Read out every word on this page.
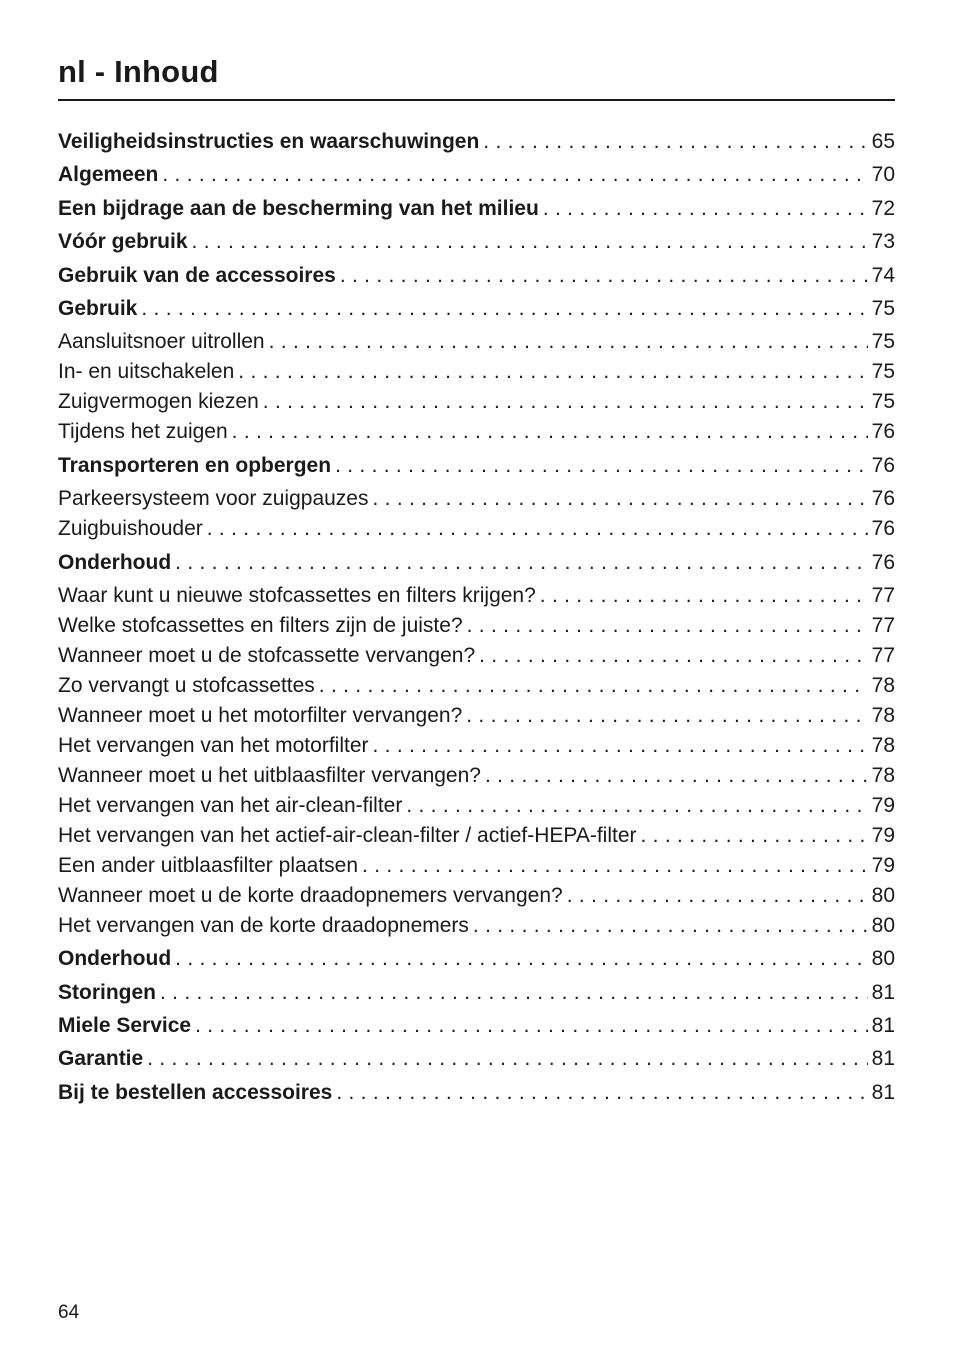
nl - Inhoud
Veiligheidsinstructies en waarschuwingen . . .	65
Algemeen . . .	70
Een bijdrage aan de bescherming van het milieu . . .	72
Vóór gebruik . . .	73
Gebruik van de accessoires . . .	74
Gebruik . . .	75
Aansluitsnoer uitrollen . . .	75
In- en uitschakelen . . .	75
Zuigvermogen kiezen . . .	75
Tijdens het zuigen . . .	76
Transporteren en opbergen . . .	76
Parkeersysteem voor zuigpauzes . . .	76
Zuigbuishouder . . .	76
Onderhoud . . .	76
Waar kunt u nieuwe stofcassettes en filters krijgen? . . .	77
Welke stofcassettes en filters zijn de juiste? . . .	77
Wanneer moet u de stofcassette vervangen? . . .	77
Zo vervangt u stofcassettes . . .	78
Wanneer moet u het motorfilter vervangen? . . .	78
Het vervangen van het motorfilter . . .	78
Wanneer moet u het uitblaasfilter vervangen? . . .	78
Het vervangen van het air-clean-filter . . .	79
Het vervangen van het actief-air-clean-filter / actief-HEPA-filter . . .	79
Een ander uitblaasfilter plaatsen . . .	79
Wanneer moet u de korte draadopnemers vervangen? . . .	80
Het vervangen van de korte draadopnemers . . .	80
Onderhoud . . .	80
Storingen . . .	81
Miele Service . . .	81
Garantie . . .	81
Bij te bestellen accessoires . . .	81
64
